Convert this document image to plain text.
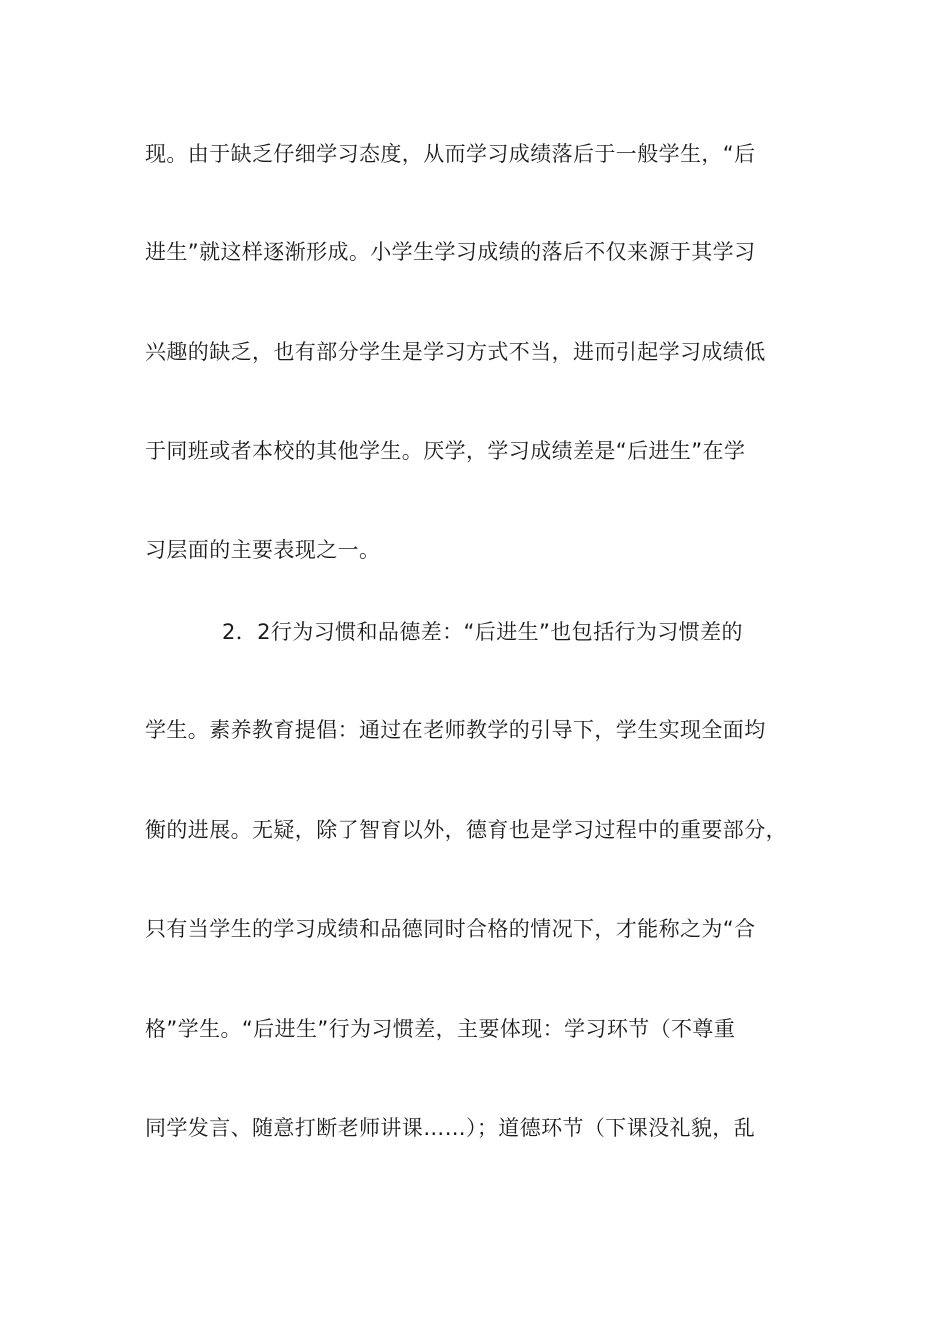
现。由于缺乏仔细学习态度，从而学习成绩落后于一般学生，“后
进生”就这样逐渐形成。小学生学习成绩的落后不仅来源于其学习
兴趣的缺乏，也有部分学生是学习方式不当，进而引起学习成绩低
于同班或者本校的其他学生。厌学，学习成绩差是“后进生”在学
习层面的主要表现之一。
2．2行为习惯和品德差：“后进生”也包括行为习惯差的
学生。素养教育提倡：通过在老师教学的引导下，学生实现全面均
衡的进展。无疑，除了智育以外，德育也是学习过程中的重要部分，
只有当学生的学习成绩和品德同时合格的情况下，才能称之为“合
格”学生。“后进生”行为习惯差，主要体现：学习环节（不尊重
同学发言、随意打断老师讲课……）；道德环节（下课没礼貌，乱
